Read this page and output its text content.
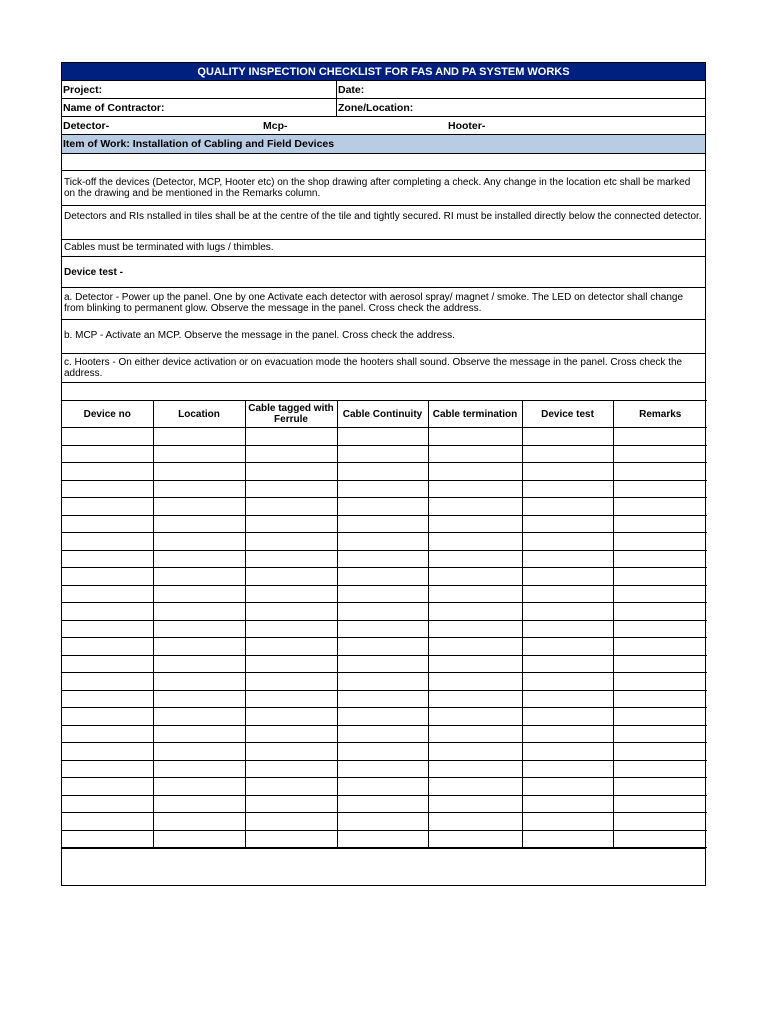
QUALITY INSPECTION CHECKLIST FOR FAS AND PA SYSTEM WORKS
Project:	Date:
Name of Contractor:	Zone/Location:
Detector-	Mcp-	Hooter-
Item of Work: Installation of Cabling and Field Devices
Tick-off the devices (Detector, MCP, Hooter etc) on the shop drawing after completing a check. Any change in the location etc shall be marked on the drawing and be mentioned in the Remarks column.
Detectors and RIs nstalled in tiles shall be at the centre of the tile and tightly secured. RI must be installed directly below the connected detector.
Cables must be terminated with lugs / thimbles.
Device test -
a. Detector - Power up the panel. One by one Activate each detector with aerosol spray/ magnet / smoke. The LED on detector shall change from blinking to permanent glow. Observe the message in the panel. Cross check the address.
b. MCP - Activate an MCP. Observe the message in the panel. Cross check the address.
c. Hooters - On either device activation or on evacuation mode the hooters shall sound. Observe the message in the panel. Cross check the address.
Device no	Location	Cable tagged with Ferrule	Cable Continuity	Cable termination	Device test	Remarks
